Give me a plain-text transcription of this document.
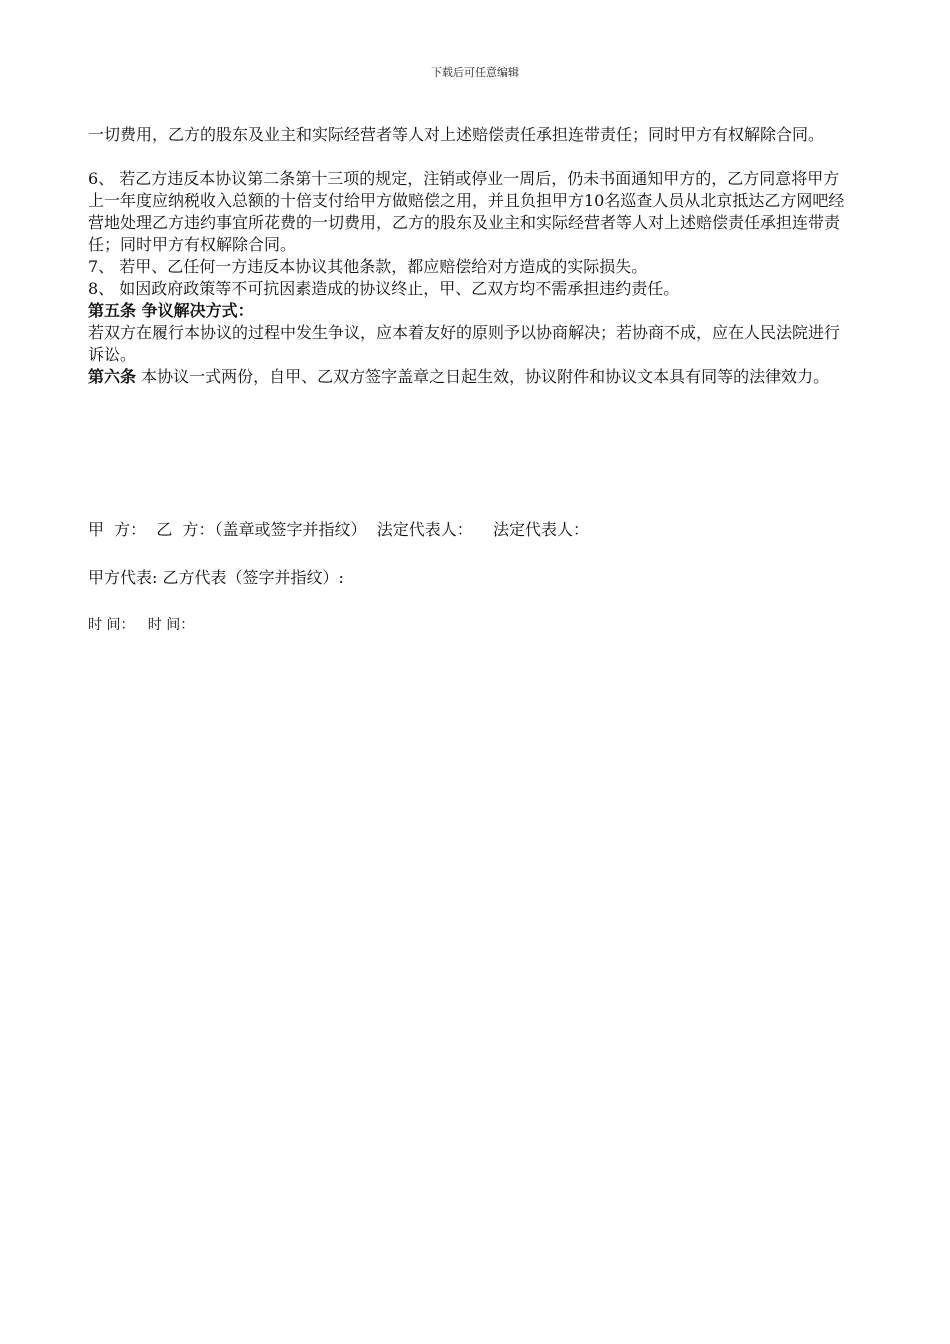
下载后可任意编辑

一切费用，乙方的股东及业主和实际经营者等人对上述赔偿责任承担连带责任；同时甲方有权解除合同。

6、 若乙方违反本协议第二条第十三项的规定，注销或停业一周后，仍未书面通知甲方的，乙方同意将甲方上一年度应纳税收入总额的十倍支付给甲方做赔偿之用，并且负担甲方10名巡查人员从北京抵达乙方网吧经营地处理乙方违约事宜所花费的一切费用，乙方的股东及业主和实际经营者等人对上述赔偿责任承担连带责任；同时甲方有权解除合同。

7、 若甲、乙任何一方违反本协议其他条款，都应赔偿给对方造成的实际损失。

8、 如因政府政策等不可抗因素造成的协议终止，甲、乙双方均不需承担违约责任。

第五条 争议解决方式：

若双方在履行本协议的过程中发生争议，应本着友好的原则予以协商解决；若协商不成，应在人民法院进行诉讼。

第六条 本协议一式两份，自甲、乙双方签字盖章之日起生效，协议附件和协议文本具有同等的法律效力。

甲  方：  乙  方：（盖章或签字并指纹）  法定代表人：    法定代表人：
甲方代表: 乙方代表（签字并指纹）:
时 间：   时 间：
